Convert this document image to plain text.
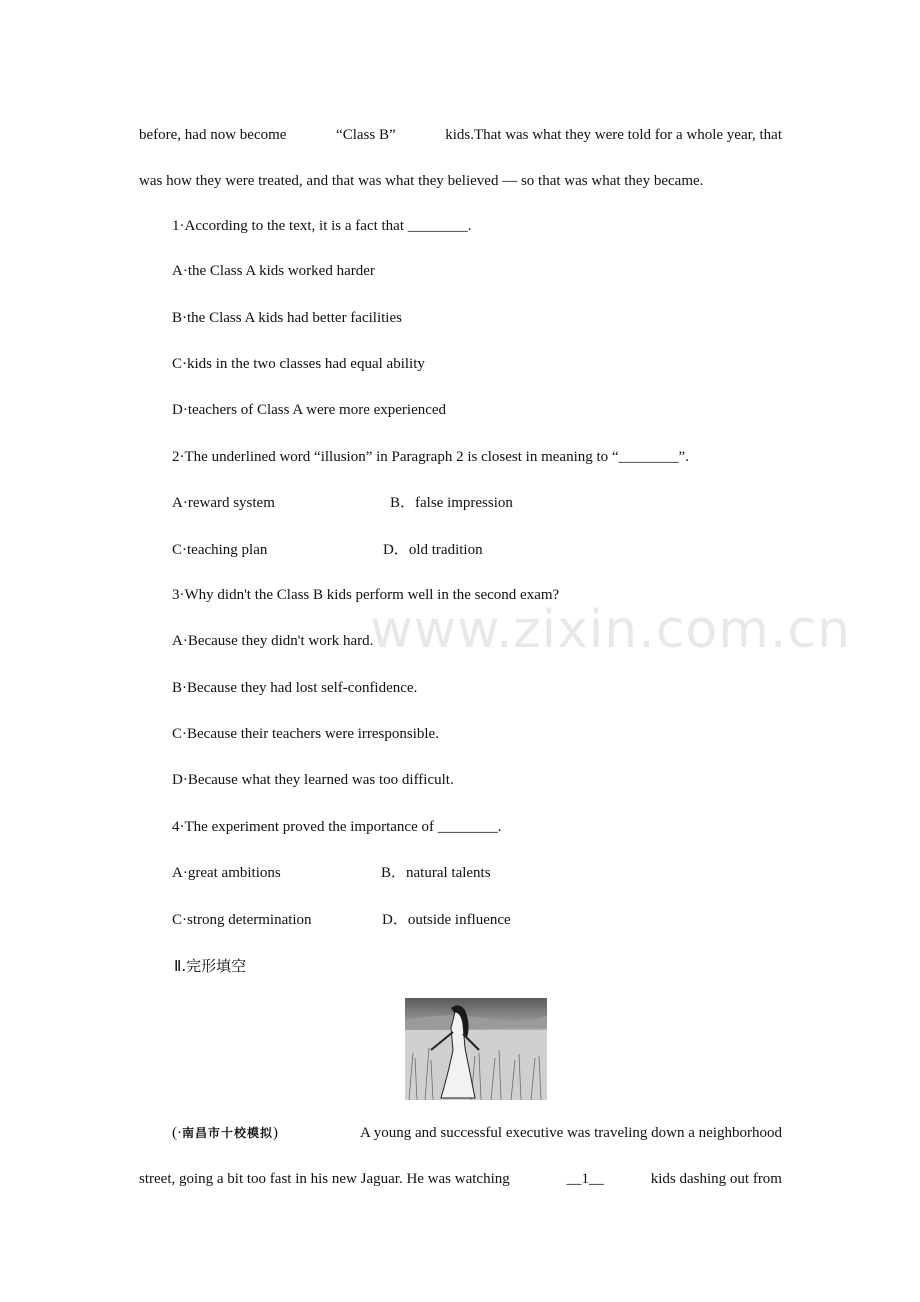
before, had now become	“Class B”	kids.That was what they were told for a whole year, that
was how they were treated, and that was what they believed — so that was what they became.
1·According to the text, it is a fact that ________.
A·the Class A kids worked harder
B·the Class A kids had better facilities
C·kids in the two classes had equal ability
D·teachers of Class A were more experienced
2·The underlined word “illusion” in Paragraph 2 is closest in meaning to “________”.
A·reward system	B．false impression
C·teaching plan	D．old tradition
3·Why didn't the Class B kids perform well in the second exam?
A·Because they didn't work hard.
B·Because they had lost self‐confidence.
C·Because their teachers were irresponsible.
D·Because what they learned was too difficult.
4·The experiment proved the importance of ________.
A·great ambitions	B．natural talents
C·strong determination	D．outside influence
Ⅱ.完形填空
(·南昌市十校模拟)	A young and successful executive was traveling down a neighborhood
street, going a bit too fast in his new Jaguar. He was watching	__1__	kids dashing out from
www.zixin.com.cn
